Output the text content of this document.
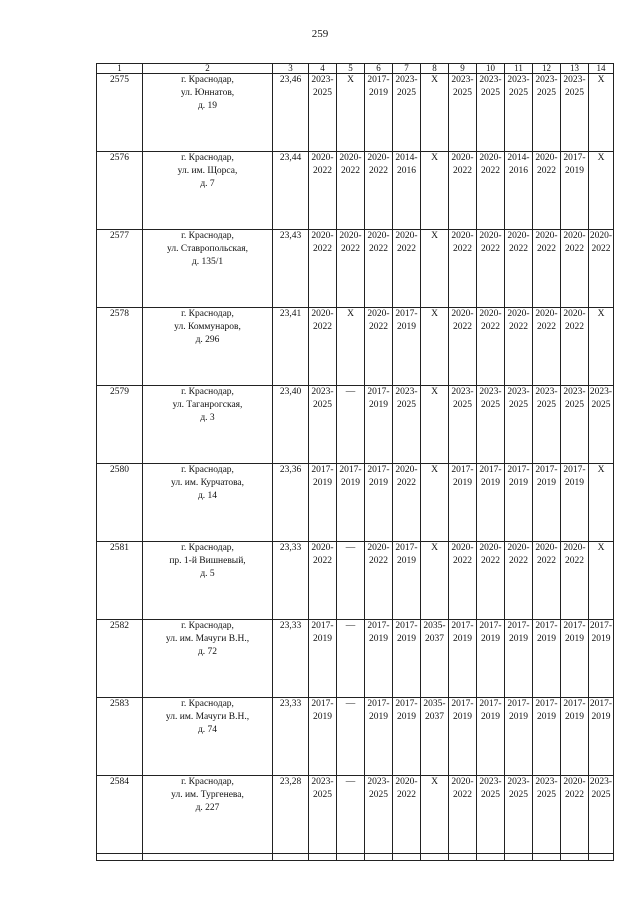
259
1	2	3	4	5	6	7	8	9	10	11	12	13	14

2575	г. Краснодар,
ул. Юннатов,
д. 19	23,46	2023-
2025	Х	2017-
2019	2023-
2025	Х	2023-
2025	2023-
2025	2023-
2025	2023-
2025	2023-
2025	Х

2576	г. Краснодар,
ул. им. Щорса,
д. 7	23,44	2020-
2022	2020-
2022	2020-
2022	2014-
2016	Х	2020-
2022	2020-
2022	2014-
2016	2020-
2022	2017-
2019	Х

2577	г. Краснодар,
ул. Ставропольская,
д. 135/1	23,43	2020-
2022	2020-
2022	2020-
2022	2020-
2022	Х	2020-
2022	2020-
2022	2020-
2022	2020-
2022	2020-
2022	2020-
2022

2578	г. Краснодар,
ул. Коммунаров,
д. 296	23,41	2020-
2022	Х	2020-
2022	2017-
2019	Х	2020-
2022	2020-
2022	2020-
2022	2020-
2022	2020-
2022	Х

2579	г. Краснодар,
ул. Таганрогская,
д. 3	23,40	2023-
2025	—	2017-
2019	2023-
2025	Х	2023-
2025	2023-
2025	2023-
2025	2023-
2025	2023-
2025	2023-
2025

2580	г. Краснодар,
ул. им. Курчатова,
д. 14	23,36	2017-
2019	2017-
2019	2017-
2019	2020-
2022	Х	2017-
2019	2017-
2019	2017-
2019	2017-
2019	2017-
2019	Х

2581	г. Краснодар,
пр. 1-й Вишневый,
д. 5	23,33	2020-
2022	—	2020-
2022	2017-
2019	Х	2020-
2022	2020-
2022	2020-
2022	2020-
2022	2020-
2022	Х

2582	г. Краснодар,
ул. им. Мачуги В.Н.,
д. 72	23,33	2017-
2019	—	2017-
2019	2017-
2019	2035-
2037	2017-
2019	2017-
2019	2017-
2019	2017-
2019	2017-
2019	2017-
2019

2583	г. Краснодар,
ул. им. Мачуги В.Н.,
д. 74	23,33	2017-
2019	—	2017-
2019	2017-
2019	2035-
2037	2017-
2019	2017-
2019	2017-
2019	2017-
2019	2017-
2019	2017-
2019

2584	г. Краснодар,
ул. им. Тургенева,
д. 227	23,28	2023-
2025	—	2023-
2025	2020-
2022	Х	2020-
2022	2023-
2025	2023-
2025	2023-
2025	2020-
2022	2023-
2025
